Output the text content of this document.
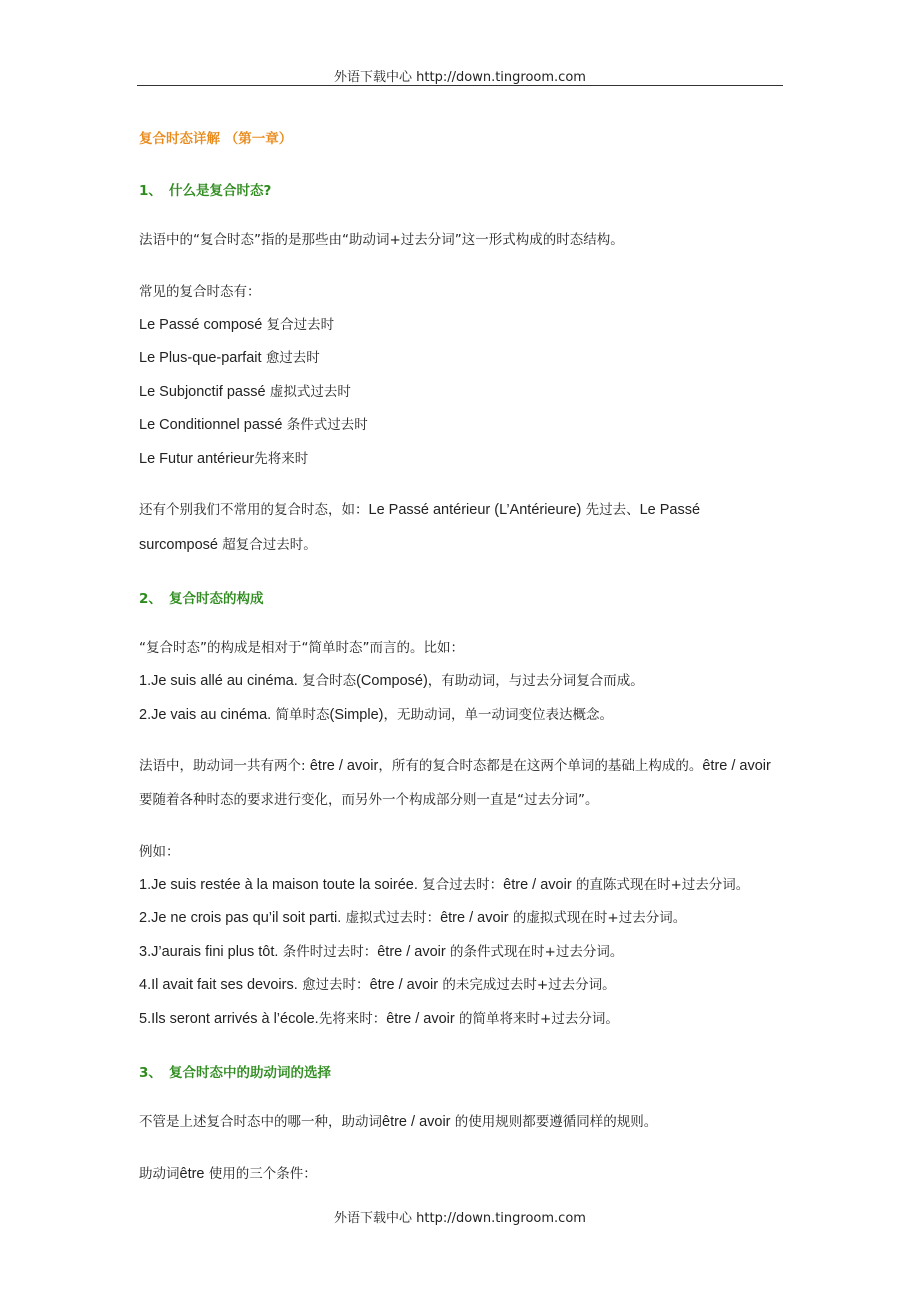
外语下载中心 http://down.tingroom.com
复合时态详解 （第一章）
1、 什么是复合时态?
法语中的“复合时态”指的是那些由“助动词+过去分词”这一形式构成的时态结构。
常见的复合时态有：
Le Passé composé 复合过去时
Le Plus-que-parfait 愈过去时
Le Subjonctif passé 虚拟式过去时
Le Conditionnel passé 条件式过去时
Le Futur antérieur先将来时
还有个别我们不常用的复合时态，如：Le Passé antérieur (L’Antérieure) 先过去、Le Passé
surcomposé 超复合过去时。
2、 复合时态的构成
“复合时态”的构成是相对于“简单时态”而言的。比如：
1.Je suis allé au cinéma. 复合时态(Composé)，有助动词，与过去分词复合而成。
2.Je vais au cinéma. 简单时态(Simple)，无助动词，单一动词变位表达概念。
法语中，助动词一共有两个: être / avoir，所有的复合时态都是在这两个单词的基础上构成的。être / avoir
要随着各种时态的要求进行变化，而另外一个构成部分则一直是“过去分词”。
例如：
1.Je suis restée à la maison toute la soirée. 复合过去时：être / avoir 的直陈式现在时+过去分词。
2.Je ne crois pas qu’il soit parti. 虚拟式过去时：être / avoir 的虚拟式现在时+过去分词。
3.J’aurais fini plus tôt. 条件时过去时：être / avoir 的条件式现在时+过去分词。
4.Il avait fait ses devoirs. 愈过去时：être / avoir 的未完成过去时+过去分词。
5.Ils seront arrivés à l’école.先将来时：être / avoir 的简单将来时+过去分词。
3、 复合时态中的助动词的选择
不管是上述复合时态中的哪一种，助动词être / avoir 的使用规则都要遵循同样的规则。
助动词être 使用的三个条件：
外语下载中心 http://down.tingroom.com
